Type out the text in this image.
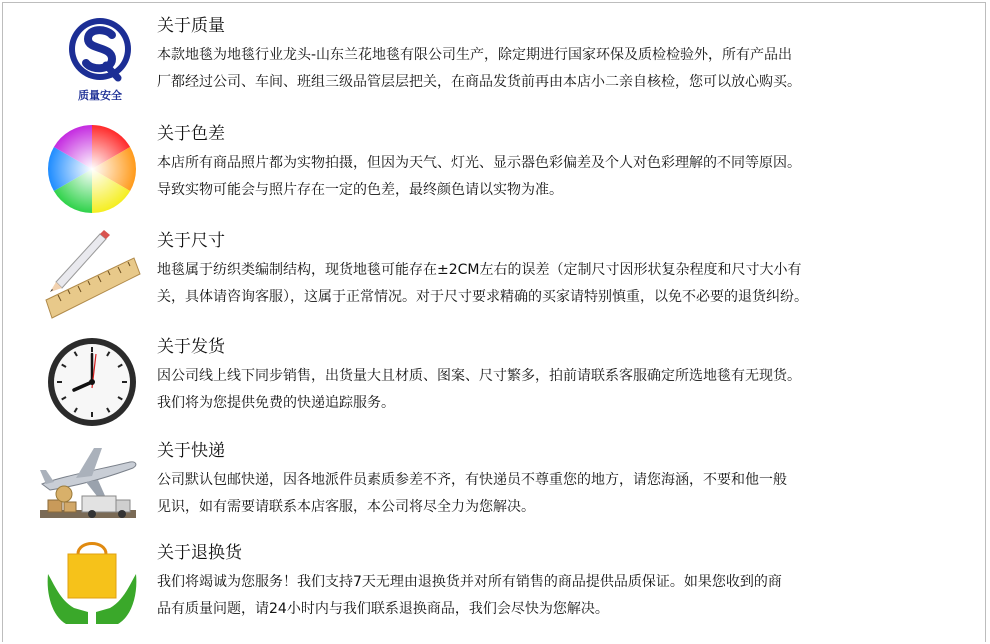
质量安全
关于质量
本款地毯为地毯行业龙头-山东兰花地毯有限公司生产，除定期进行国家环保及质检检验外，所有产品出
厂都经过公司、车间、班组三级品管层层把关，在商品发货前再由本店小二亲自核检，您可以放心购买。
关于色差
本店所有商品照片都为实物拍摄，但因为天气、灯光、显示器色彩偏差及个人对色彩理解的不同等原因。
导致实物可能会与照片存在一定的色差，最终颜色请以实物为准。
关于尺寸
地毯属于纺织类编制结构，现货地毯可能存在±2CM左右的误差（定制尺寸因形状复杂程度和尺寸大小有
关，具体请咨询客服），这属于正常情况。对于尺寸要求精确的买家请特别慎重，以免不必要的退货纠纷。
关于发货
因公司线上线下同步销售，出货量大且材质、图案、尺寸繁多，拍前请联系客服确定所选地毯有无现货。
我们将为您提供免费的快递追踪服务。
关于快递
公司默认包邮快递，因各地派件员素质参差不齐，有快递员不尊重您的地方，请您海涵，不要和他一般
见识，如有需要请联系本店客服，本公司将尽全力为您解决。
关于退换货
我们将竭诚为您服务！我们支持7天无理由退换货并对所有销售的商品提供品质保证。如果您收到的商
品有质量问题，请24小时内与我们联系退换商品，我们会尽快为您解决。
